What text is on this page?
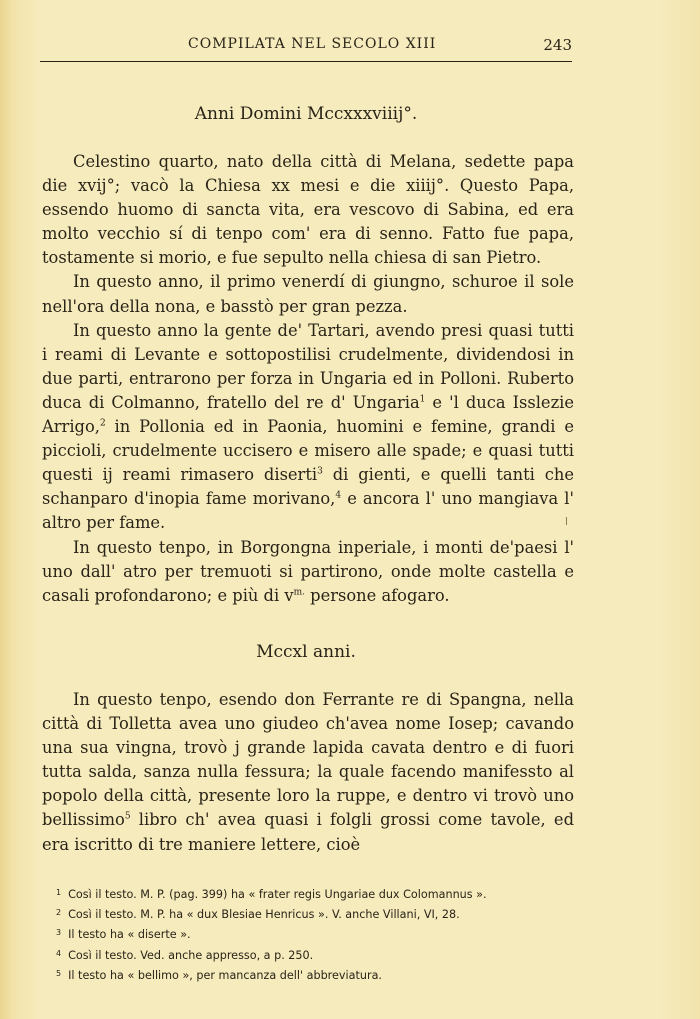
COMPILATA NEL SECOLO XIII	243
Anni Domini Mccxxxviiij°.

Celestino quarto, nato della città di Melana, sedette papa die xvij°; vacò la Chiesa xx mesi e die xiiij°. Questo Papa, essendo huomo di sancta vita, era vescovo di Sabina, ed era molto vecchio sí di tenpo com' era di senno. Fatto fue papa, tostamente si morio, e fue sepulto nella chiesa di san Pietro.

In questo anno, il primo venerdí di giungno, schuroe il sole nell'ora della nona, e basstò per gran pezza.

In questo anno la gente de' Tartari, avendo presi quasi tutti i reami di Levante e sottopostilisi crudelmente, dividendosi in due parti, entrarono per forza in Ungaria ed in Polloni. Ruberto duca di Colmanno, fratello del re d' Ungaria$^1$ e 'l duca Isslezie Arrigo,$^2$ in Pollonia ed in Paonia, huomini e femine, grandi e piccioli, crudelmente uccisero e misero alle spade; e quasi tutti questi ij reami rimasero diserti$^3$ di gienti, e quelli tanti che schanparo d'inopia fame morivano,$^4$ e ancora l' uno mangiava l' altro per fame.

In questo tenpo, in Borgongna inperiale, i monti de'paesi l' uno dall' atro per tremuoti si partirono, onde molte castella e casali profondarono; e più di $v^{m.}$ persone afogaro.

Mccxl anni.

In questo tenpo, esendo don Ferrante re di Spangna, nella città di Tolletta avea uno giudeo ch'avea nome Iosep; cavando una sua vingna, trovò j grande lapida cavata dentro e di fuori tutta salda, sanza nulla fessura; la quale facendo manifessto al popolo della città, presente loro la ruppe, e dentro vi trovò uno bellissimo$^5$ libro ch' avea quasi i folgli grossi come tavole, ed era iscritto di tre maniere lettere, cioè

$^1$ Così il testo. M. P. (pag. 399) ha « frater regis Ungariae dux Colomannus ».
$^2$ Così il testo. M. P. ha « dux Blesiae Henricus ». V. anche Villani, VI, 28.
$^3$ Il testo ha « diserte ».
$^4$ Così il testo. Ved. anche appresso, a p. 250.
$^5$ Il testo ha « bellimo », per mancanza dell' abbreviatura.
